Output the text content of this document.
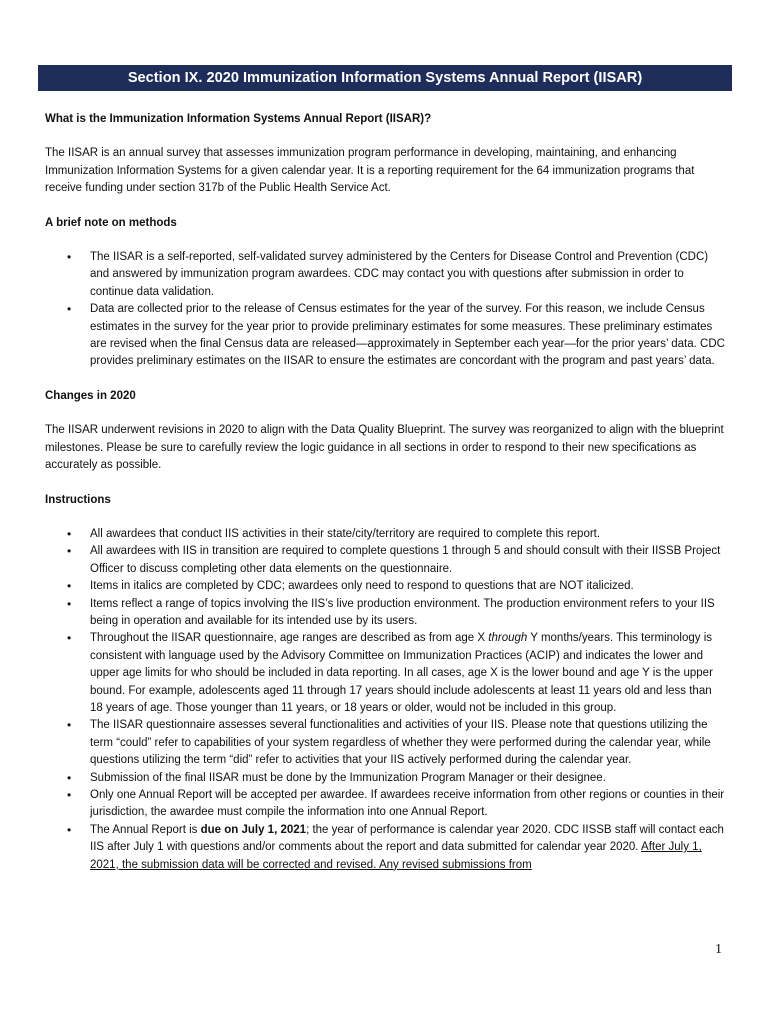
Section IX. 2020 Immunization Information Systems Annual Report (IISAR)

What is the Immunization Information Systems Annual Report (IISAR)?

The IISAR is an annual survey that assesses immunization program performance in developing, maintaining, and enhancing Immunization Information Systems for a given calendar year. It is a reporting requirement for the 64 immunization programs that receive funding under section 317b of the Public Health Service Act.

A brief note on methods

• The IISAR is a self-reported, self-validated survey administered by the Centers for Disease Control and Prevention (CDC) and answered by immunization program awardees. CDC may contact you with questions after submission in order to continue data validation.
• Data are collected prior to the release of Census estimates for the year of the survey. For this reason, we include Census estimates in the survey for the year prior to provide preliminary estimates for some measures. These preliminary estimates are revised when the final Census data are released—approximately in September each year—for the prior years’ data. CDC provides preliminary estimates on the IISAR to ensure the estimates are concordant with the program and past years’ data.

Changes in 2020

The IISAR underwent revisions in 2020 to align with the Data Quality Blueprint. The survey was reorganized to align with the blueprint milestones. Please be sure to carefully review the logic guidance in all sections in order to respond to their new specifications as accurately as possible.

Instructions

• All awardees that conduct IIS activities in their state/city/territory are required to complete this report.
• All awardees with IIS in transition are required to complete questions 1 through 5 and should consult with their IISSB Project Officer to discuss completing other data elements on the questionnaire.
• Items in italics are completed by CDC; awardees only need to respond to questions that are NOT italicized.
• Items reflect a range of topics involving the IIS’s live production environment. The production environment refers to your IIS being in operation and available for its intended use by its users.
• Throughout the IISAR questionnaire, age ranges are described as from age X through Y months/years. This terminology is consistent with language used by the Advisory Committee on Immunization Practices (ACIP) and indicates the lower and upper age limits for who should be included in data reporting. In all cases, age X is the lower bound and age Y is the upper bound. For example, adolescents aged 11 through 17 years should include adolescents at least 11 years old and less than 18 years of age. Those younger than 11 years, or 18 years or older, would not be included in this group.
• The IISAR questionnaire assesses several functionalities and activities of your IIS. Please note that questions utilizing the term “could” refer to capabilities of your system regardless of whether they were performed during the calendar year, while questions utilizing the term “did” refer to activities that your IIS actively performed during the calendar year.
• Submission of the final IISAR must be done by the Immunization Program Manager or their designee.
• Only one Annual Report will be accepted per awardee. If awardees receive information from other regions or counties in their jurisdiction, the awardee must compile the information into one Annual Report.
• The Annual Report is due on July 1, 2021; the year of performance is calendar year 2020. CDC IISSB staff will contact each IIS after July 1 with questions and/or comments about the report and data submitted for calendar year 2020. After July 1, 2021, the submission data will be corrected and revised. Any revised submissions from
1
